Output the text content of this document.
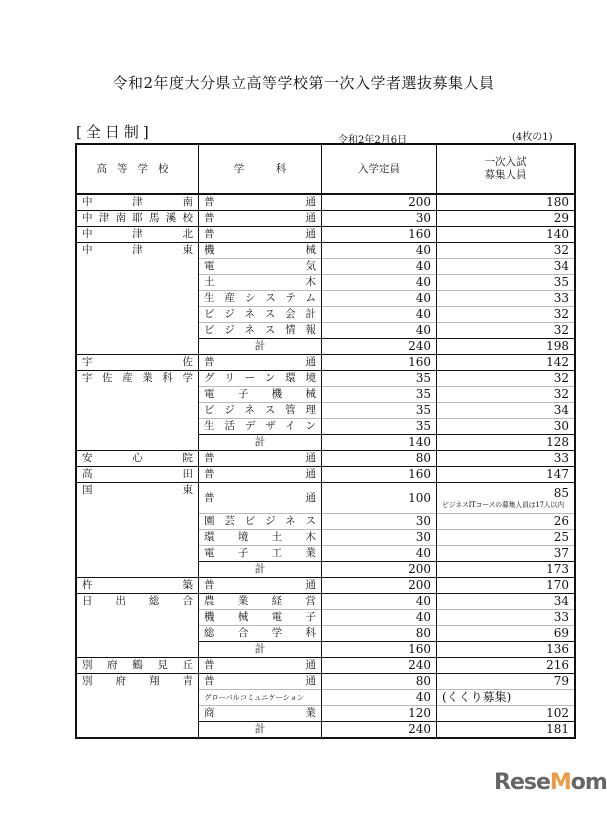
令和2年度大分県立高等学校第一次入学者選抜募集人員
[全日制]	令和2年2月6日	(4枚の1)
高等学校	学　　　科	入学定員	一次入試
募集人員
中津南	普通	200	180
中津南耶馬溪校	普通	30	29
中津北	普通	160	140
中津東	機械	40	32
	電気	40	34
	土木	40	35
	生産システム	40	33
	ビジネス会計	40	32
	ビジネス情報	40	32
	計	240	198
宇佐	普通	160	142
宇佐産業科学	グリーン環境	35	32
	電子機械	35	32
	ビジネス管理	35	34
	生活デザイン	35	30
	計	140	128
安心院	普通	80	33
高田	普通	160	147
国東	普通	100	85
ビジネスITコースの募集人員は17人以内

	園芸ビジネス	30	26
	環境土木	30	25
	電子工業	40	37
	計	200	173
杵築	普通	200	170
日出総合	農業経営	40	34
	機械電子	40	33
	総合学科	80	69
	計	160	136
別府鶴見丘	普通	240	216
別府翔青	普通	80	79
	グローバルコミュニケーション	40	(くくり募集)
	商業	120	102
	計	240	181
ReseMom
